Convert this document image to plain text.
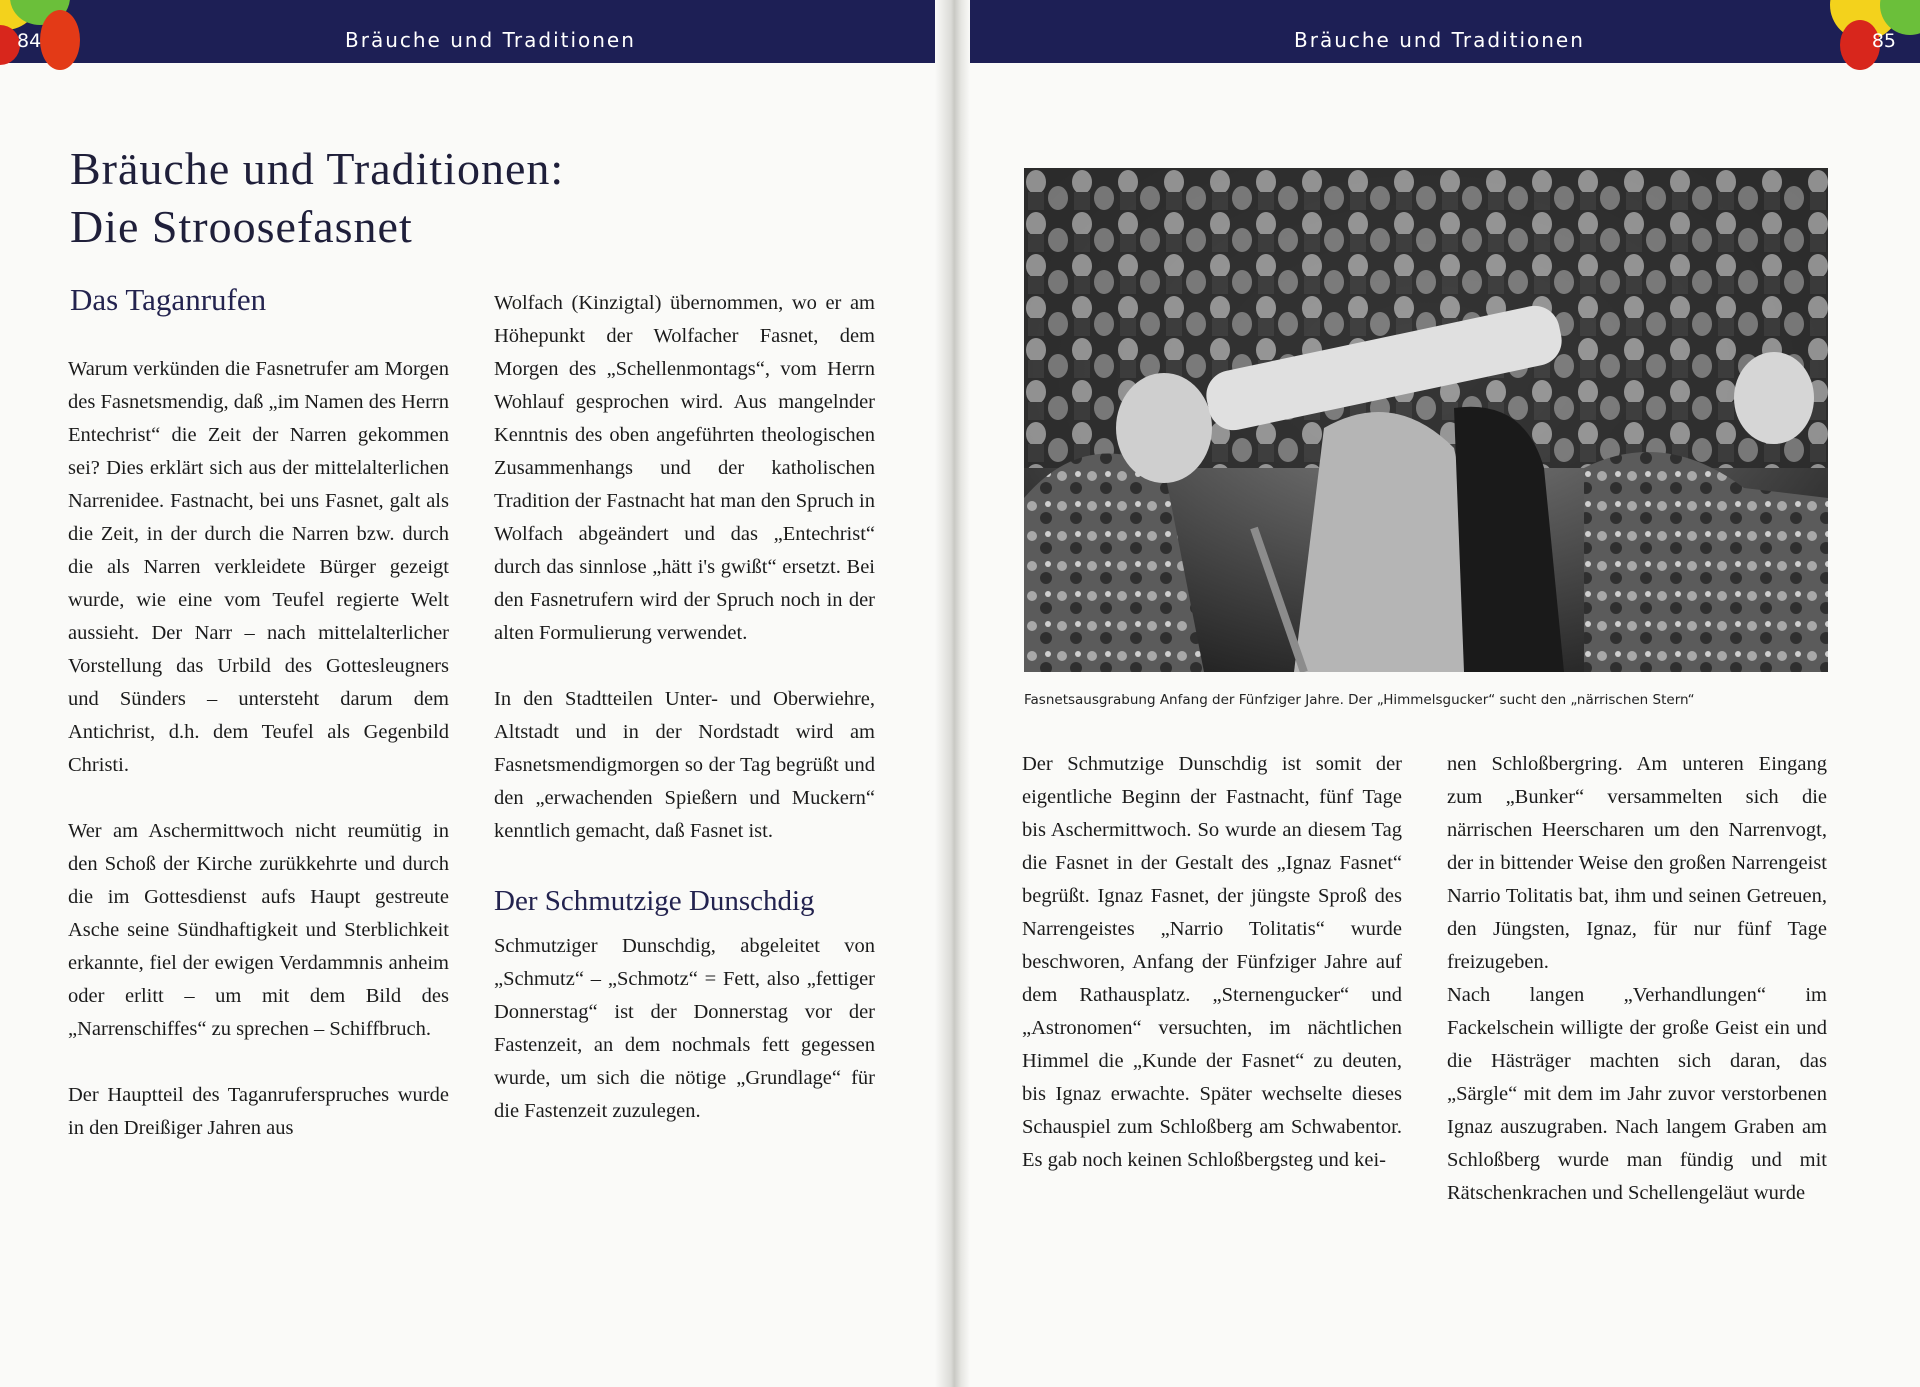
84	Bräuche und Traditionen
Bräuche und Traditionen:
Die Stroosefasnet
Das Taganrufen

Warum verkünden die Fasnetrufer am Morgen des Fasnetsmendig, daß „im Namen des Herrn Entechrist“ die Zeit der Narren gekommen sei? Dies erklärt sich aus der mittelalterlichen Narrenidee. Fastnacht, bei uns Fasnet, galt als die Zeit, in der durch die Narren bzw. durch die als Narren verkleidete Bürger gezeigt wurde, wie eine vom Teufel regierte Welt aussieht. Der Narr – nach mittelalterlicher Vorstellung das Urbild des Gottesleugners und Sünders – untersteht darum dem Antichrist, d.h. dem Teufel als Gegenbild Christi.

Wer am Aschermittwoch nicht reumütig in den Schoß der Kirche zurükkehrte und durch die im Gottesdienst aufs Haupt gestreute Asche seine Sündhaftigkeit und Sterblichkeit erkannte, fiel der ewigen Verdammnis anheim oder erlitt – um mit dem Bild des „Narrenschiffes“ zu sprechen – Schiffbruch.

Der Hauptteil des Taganruferspruches wurde in den Dreißiger Jahren aus

Wolfach (Kinzigtal) übernommen, wo er am Höhepunkt der Wolfacher Fasnet, dem Morgen des „Schellenmontags“, vom Herrn Wohlauf gesprochen wird. Aus mangelnder Kenntnis des oben angeführten theologischen Zusammenhangs und der katholischen Tradition der Fastnacht hat man den Spruch in Wolfach abgeändert und das „Entechrist“ durch das sinnlose „hätt i's gwißt“ ersetzt. Bei den Fasnetrufern wird der Spruch noch in der alten Formulierung verwendet.

In den Stadtteilen Unter- und Oberwiehre, Altstadt und in der Nordstadt wird am Fasnetsmendigmorgen so der Tag begrüßt und den „erwachenden Spießern und Muckern“ kenntlich gemacht, daß Fasnet ist.

Der Schmutzige Dunschdig

Schmutziger Dunschdig, abgeleitet von „Schmutz“ – „Schmotz“ = Fett, also „fettiger Donnerstag“ ist der Donnerstag vor der Fastenzeit, an dem nochmals fett gegessen wurde, um sich die nötige „Grundlage“ für die Fastenzeit zuzulegen.

Bräuche und Traditionen	85
Fasnetsausgrabung Anfang der Fünfziger Jahre. Der „Himmelsgucker“ sucht den „närrischen Stern“

Der Schmutzige Dunschdig ist somit der eigentliche Beginn der Fastnacht, fünf Tage bis Aschermittwoch. So wurde an diesem Tag die Fasnet in der Gestalt des „Ignaz Fasnet“ begrüßt. Ignaz Fasnet, der jüngste Sproß des Narrengeistes „Narrio Tolitatis“ wurde beschworen, Anfang der Fünfziger Jahre auf dem Rathausplatz. „Sternengucker“ und „Astronomen“ versuchten, im nächtlichen Himmel die „Kunde der Fasnet“ zu deuten, bis Ignaz erwachte. Später wechselte dieses Schauspiel zum Schloßberg am Schwabentor. Es gab noch keinen Schloßbergsteg und kei-

nen Schloßbergring. Am unteren Eingang zum „Bunker“ versammelten sich die närrischen Heerscharen um den Narrenvogt, der in bittender Weise den großen Narrengeist Narrio Tolitatis bat, ihm und seinen Getreuen, den Jüngsten, Ignaz, für nur fünf Tage freizugeben.

Nach langen „Verhandlungen“ im Fackelschein willigte der große Geist ein und die Hästräger machten sich daran, das „Särgle“ mit dem im Jahr zuvor verstorbenen Ignaz auszugraben. Nach langem Graben am Schloßberg wurde man fündig und mit Rätschenkrachen und Schellengeläut wurde
